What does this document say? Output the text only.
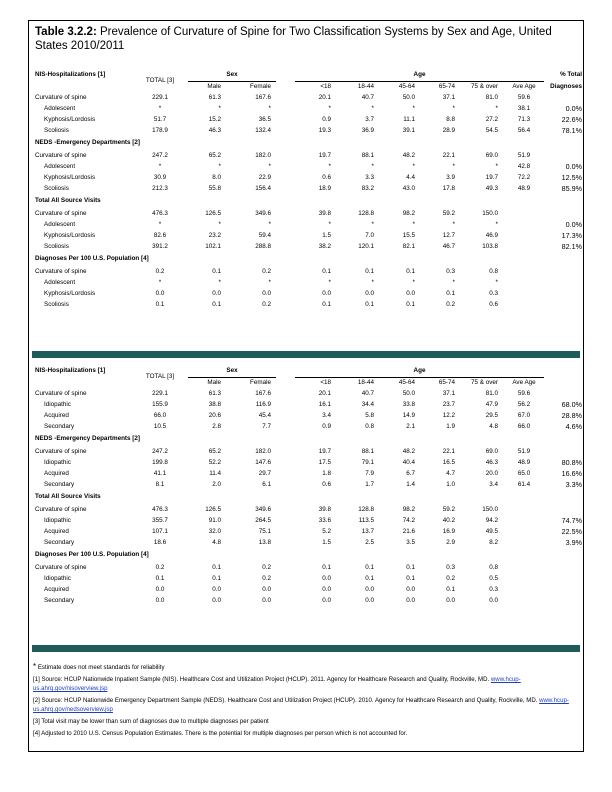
Table 3.2.2: Prevalence of Curvature of Spine for Two Classification Systems by Sex and Age, United States 2010/2011
NIS-Hospitalizations [1]	TOTAL [3]	Sex			Age						% Total
		Male	Female		<18	18-44	45-64	65-74	75 & over	Ave Age	Diagnoses
Curvature of spine	229.1	61.3	167.6		20.1	40.7	50.0	37.1	81.0	59.6	
Adolescent	*	*	*		*	*	*	*	*	38.1	0.0%
Kyphosis/Lordosis	51.7	15.2	36.5		0.9	3.7	11.1	8.8	27.2	71.3	22.6%
Scoliosis	178.9	46.3	132.4		19.3	36.9	39.1	28.9	54.5	56.4	78.1%
NEDS -Emergency Departments [2]											
Curvature of spine	247.2	65.2	182.0		19.7	88.1	48.2	22.1	69.0	51.9	
Adolescent	*	*	*		*	*	*	*	*	42.8	0.0%
Kyphosis/Lordosis	30.9	8.0	22.9		0.6	3.3	4.4	3.9	19.7	72.2	12.5%
Scoliosis	212.3	55.8	156.4		18.9	83.2	43.0	17.8	49.3	48.9	85.9%
Total All Source Visits											
Curvature of spine	476.3	126.5	349.6		39.8	128.8	98.2	59.2	150.0		
Adolescent	*	*	*		*	*	*	*	*		0.0%
Kyphosis/Lordosis	82.6	23.2	59.4		1.5	7.0	15.5	12.7	46.9		17.3%
Scoliosis	391.2	102.1	288.8		38.2	120.1	82.1	46.7	103.8		82.1%
Diagnoses Per 100 U.S. Population [4]											
Curvature of spine	0.2	0.1	0.2		0.1	0.1	0.1	0.3	0.8		
Adolescent	*	*	*		*	*	*	*	*		
Kyphosis/Lordosis	0.0	0.0	0.0		0.0	0.0	0.0	0.1	0.3		
Scoliosis	0.1	0.1	0.2		0.1	0.1	0.1	0.2	0.6		
NIS-Hospitalizations [1]	TOTAL [3]	Sex			Age						
		Male	Female		<18	18-44	45-64	65-74	75 & over	Ave Age	
Curvature of spine	229.1	61.3	167.6		20.1	40.7	50.0	37.1	81.0	59.6	
Idiopathic	155.9	38.8	116.9		16.1	34.4	33.8	23.7	47.9	56.2	68.0%
Acquired	66.0	20.6	45.4		3.4	5.8	14.9	12.2	29.5	67.0	28.8%
Secondary	10.5	2.8	7.7		0.9	0.8	2.1	1.9	4.8	66.0	4.6%
NEDS -Emergency Departments [2]											
Curvature of spine	247.2	65.2	182.0		19.7	88.1	48.2	22.1	69.0	51.9	
Idiopathic	199.8	52.2	147.6		17.5	79.1	40.4	16.5	46.3	48.9	80.8%
Acquired	41.1	11.4	29.7		1.8	7.9	6.7	4.7	20.0	65.0	16.6%
Secondary	8.1	2.0	6.1		0.6	1.7	1.4	1.0	3.4	61.4	3.3%
Total All Source Visits											
Curvature of spine	476.3	126.5	349.6		39.8	128.8	98.2	59.2	150.0		
Idiopathic	355.7	91.0	264.5		33.6	113.5	74.2	40.2	94.2		74.7%
Acquired	107.1	32.0	75.1		5.2	13.7	21.6	16.9	49.5		22.5%
Secondary	18.6	4.8	13.8		1.5	2.5	3.5	2.9	8.2		3.9%
Diagnoses Per 100 U.S. Population [4]											
Curvature of spine	0.2	0.1	0.2		0.1	0.1	0.1	0.3	0.8		
Idiopathic	0.1	0.1	0.2		0.0	0.1	0.1	0.2	0.5		
Acquired	0.0	0.0	0.0		0.0	0.0	0.0	0.1	0.3		
Secondary	0.0	0.0	0.0		0.0	0.0	0.0	0.0	0.0		

* Estimate does not meet standards for reliability

[1] Source: HCUP Nationwide Inpatient Sample (NIS). Healthcare Cost and Utilization Project (HCUP). 2011. Agency for Healthcare Research and Quality, Rockville, MD. www.hcup-us.ahrq.gov/nisoverview.jsp

[2] Source: HCUP Nationwide Emergency Department Sample (NEDS). Healthcare Cost and Utilization Project (HCUP). 2010. Agency for Healthcare Research and Quality, Rockville, MD. www.hcup-us.ahrq.gov/nedsoverview.jsp

[3] Total visit may be lower than sum of diagnoses due to multiple diagnoses per patient

[4] Adjusted to 2010 U.S. Census Population Estimates. There is the potential for multiple diagnoses per person which is not accounted for.
